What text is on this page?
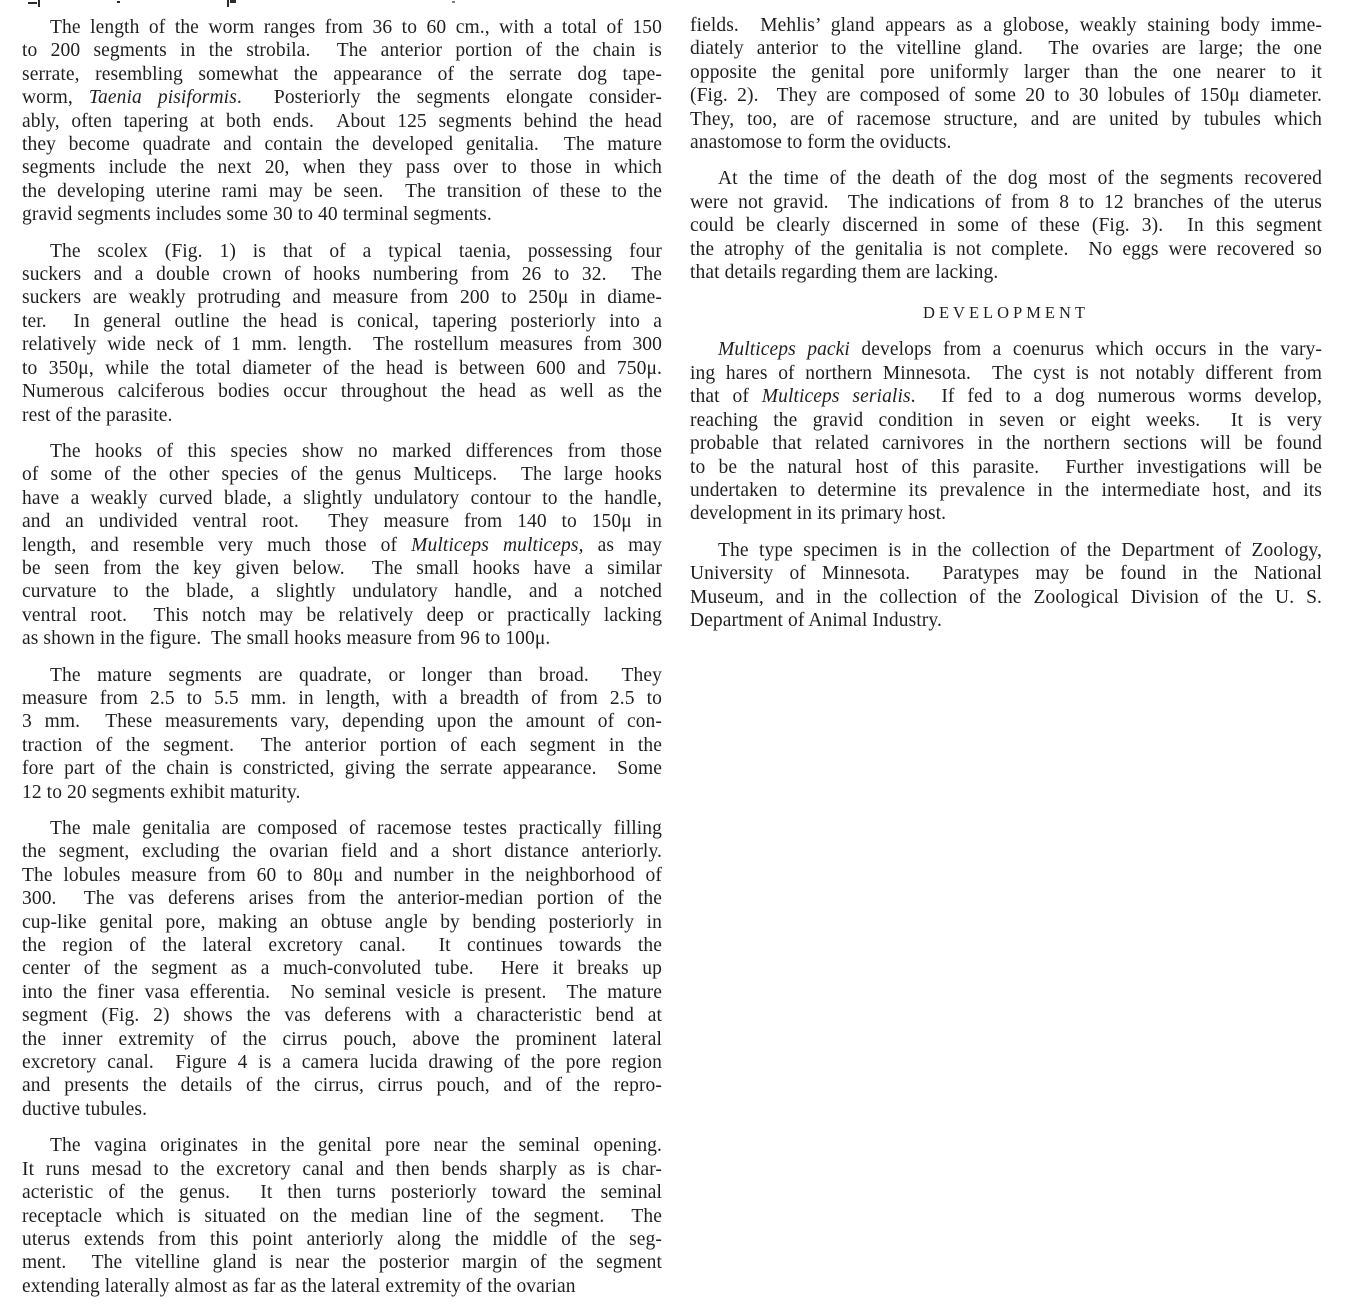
The length of the worm ranges from 36 to 60 cm., with a total of 150
to 200 segments in the strobila.  The anterior portion of the chain is
serrate, resembling somewhat the appearance of the serrate dog tape-
worm, Taenia pisiformis.  Posteriorly the segments elongate consider-
ably, often tapering at both ends.  About 125 segments behind the head
they become quadrate and contain the developed genitalia.  The mature
segments include the next 20, when they pass over to those in which
the developing uterine rami may be seen.  The transition of these to the
gravid segments includes some 30 to 40 terminal segments.
The scolex (Fig. 1) is that of a typical taenia, possessing four
suckers and a double crown of hooks numbering from 26 to 32.  The
suckers are weakly protruding and measure from 200 to 250μ in diame-
ter.  In general outline the head is conical, tapering posteriorly into a
relatively wide neck of 1 mm. length.  The rostellum measures from 300
to 350μ, while the total diameter of the head is between 600 and 750μ.
Numerous calciferous bodies occur throughout the head as well as the
rest of the parasite.
The hooks of this species show no marked differences from those
of some of the other species of the genus Multiceps.  The large hooks
have a weakly curved blade, a slightly undulatory contour to the handle,
and an undivided ventral root.  They measure from 140 to 150μ in
length, and resemble very much those of Multiceps multiceps, as may
be seen from the key given below.  The small hooks have a similar
curvature to the blade, a slightly undulatory handle, and a notched
ventral root.  This notch may be relatively deep or practically lacking
as shown in the figure.  The small hooks measure from 96 to 100μ.
The mature segments are quadrate, or longer than broad.  They
measure from 2.5 to 5.5 mm. in length, with a breadth of from 2.5 to
3 mm.  These measurements vary, depending upon the amount of con-
traction of the segment.  The anterior portion of each segment in the
fore part of the chain is constricted, giving the serrate appearance.  Some
12 to 20 segments exhibit maturity.
The male genitalia are composed of racemose testes practically filling
the segment, excluding the ovarian field and a short distance anteriorly.
The lobules measure from 60 to 80μ and number in the neighborhood of
300.  The vas deferens arises from the anterior-median portion of the
cup-like genital pore, making an obtuse angle by bending posteriorly in
the region of the lateral excretory canal.  It continues towards the
center of the segment as a much-convoluted tube.  Here it breaks up
into the finer vasa efferentia.  No seminal vesicle is present.  The mature
segment (Fig. 2) shows the vas deferens with a characteristic bend at
the inner extremity of the cirrus pouch, above the prominent lateral
excretory canal.  Figure 4 is a camera lucida drawing of the pore region
and presents the details of the cirrus, cirrus pouch, and of the repro-
ductive tubules.
The vagina originates in the genital pore near the seminal opening.
It runs mesad to the excretory canal and then bends sharply as is char-
acteristic of the genus.  It then turns posteriorly toward the seminal
receptacle which is situated on the median line of the segment.  The
uterus extends from this point anteriorly along the middle of the seg-
ment.  The vitelline gland is near the posterior margin of the segment
extending laterally almost as far as the lateral extremity of the ovarian
fields.  Mehlis’ gland appears as a globose, weakly staining body imme-
diately anterior to the vitelline gland.  The ovaries are large; the one
opposite the genital pore uniformly larger than the one nearer to it
(Fig. 2).  They are composed of some 20 to 30 lobules of 150μ diameter.
They, too, are of racemose structure, and are united by tubules which
anastomose to form the oviducts.
At the time of the death of the dog most of the segments recovered
were not gravid.  The indications of from 8 to 12 branches of the uterus
could be clearly discerned in some of these (Fig. 3).  In this segment
the atrophy of the genitalia is not complete.  No eggs were recovered so
that details regarding them are lacking.
DEVELOPMENT
Multiceps packi develops from a coenurus which occurs in the vary-
ing hares of northern Minnesota.  The cyst is not notably different from
that of Multiceps serialis.  If fed to a dog numerous worms develop,
reaching the gravid condition in seven or eight weeks.  It is very
probable that related carnivores in the northern sections will be found
to be the natural host of this parasite.  Further investigations will be
undertaken to determine its prevalence in the intermediate host, and its
development in its primary host.
The type specimen is in the collection of the Department of Zoology,
University of Minnesota.  Paratypes may be found in the National
Museum, and in the collection of the Zoological Division of the U. S.
Department of Animal Industry.
